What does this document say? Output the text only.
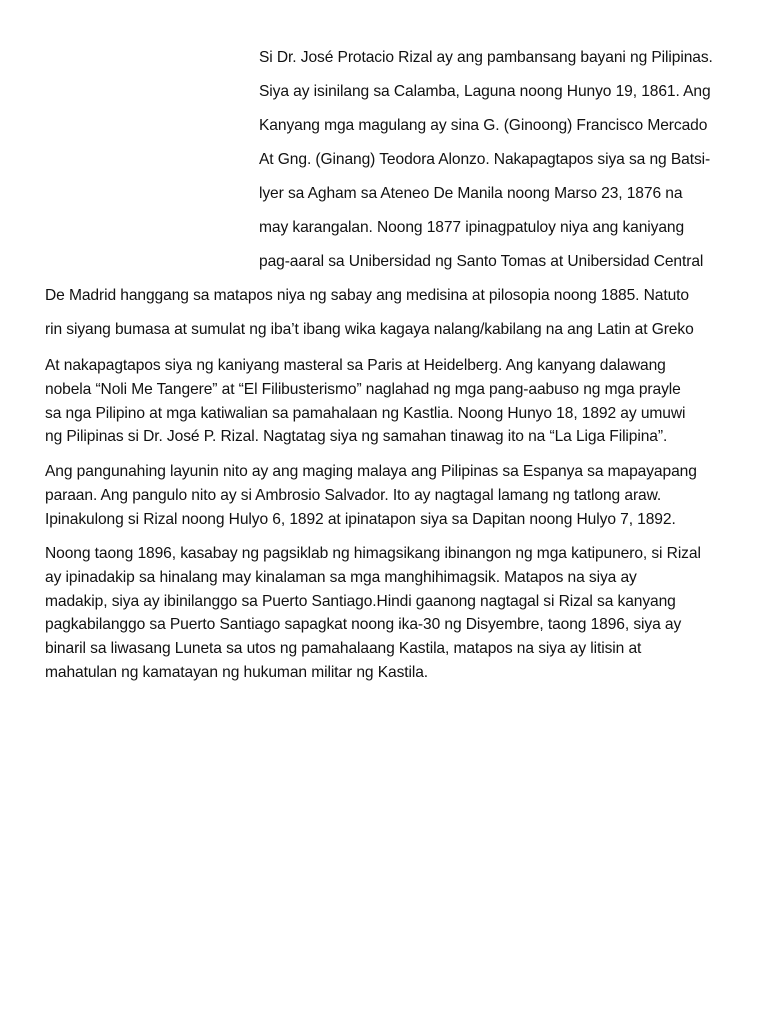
Si Dr. José Protacio Rizal ay ang pambansang bayani ng Pilipinas.
Siya ay isinilang sa Calamba, Laguna noong Hunyo 19, 1861. Ang
Kanyang mga magulang ay sina G. (Ginoong) Francisco Mercado
At Gng. (Ginang) Teodora Alonzo. Nakapagtapos siya sa ng Batsi-
lyer sa Agham sa Ateneo De Manila noong Marso 23, 1876 na
may karangalan. Noong 1877 ipinagpatuloy niya ang kaniyang
pag-aaral sa Unibersidad ng Santo Tomas at Unibersidad Central
De Madrid hanggang sa matapos niya ng sabay ang medisina at pilosopia noong 1885. Natuto
rin siyang bumasa at sumulat ng iba’t ibang wika kagaya nalang/kabilang na ang Latin at Greko

At nakapagtapos siya ng kaniyang masteral sa Paris at Heidelberg. Ang kanyang dalawang
nobela “Noli Me Tangere” at “El Filibusterismo” naglahad ng mga pang-aabuso ng mga prayle
sa nga Pilipino at mga katiwalian sa pamahalaan ng Kastlia. Noong Hunyo 18, 1892 ay umuwi
ng Pilipinas si Dr. José P. Rizal. Nagtatag siya ng samahan tinawag ito na “La Liga Filipina”.

Ang pangunahing layunin nito ay ang maging malaya ang Pilipinas sa Espanya sa mapayapang
paraan. Ang pangulo nito ay si Ambrosio Salvador. Ito ay nagtagal lamang ng tatlong araw.
Ipinakulong si Rizal noong Hulyo 6, 1892 at ipinatapon siya sa Dapitan noong Hulyo 7, 1892.

Noong taong 1896, kasabay ng pagsiklab ng himagsikang ibinangon ng mga katipunero, si Rizal
ay ipinadakip sa hinalang may kinalaman sa mga manghihimagsik. Matapos na siya ay
madakip, siya ay ibinilanggo sa Puerto Santiago.Hindi gaanong nagtagal si Rizal sa kanyang
pagkabilanggo sa Puerto Santiago sapagkat noong ika-30 ng Disyembre, taong 1896, siya ay
binaril sa liwasang Luneta sa utos ng pamahalaang Kastila, matapos na siya ay litisin at
mahatulan ng kamatayan ng hukuman militar ng Kastila.
